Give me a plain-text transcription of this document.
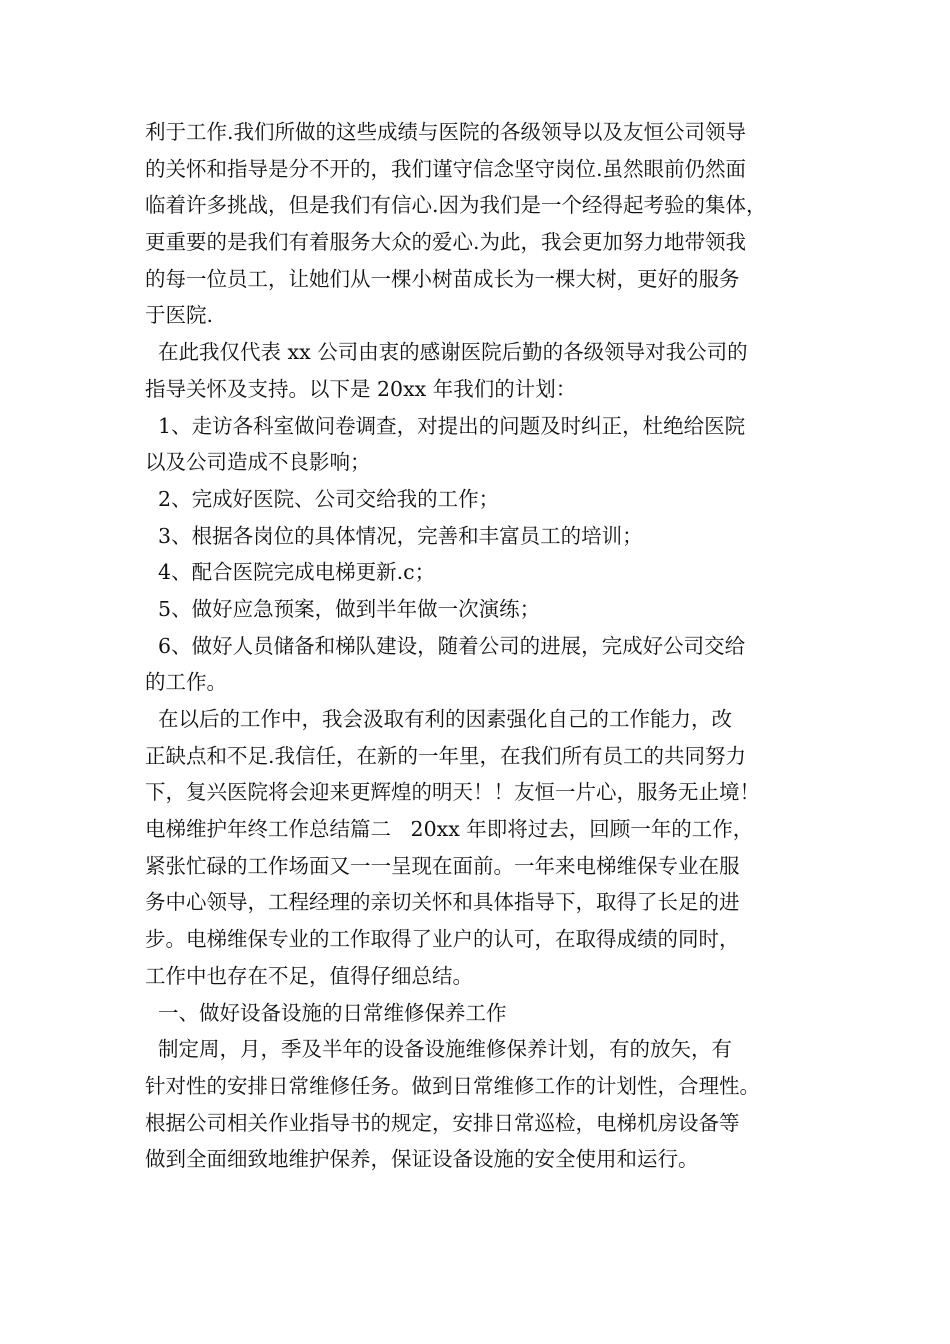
利于工作.我们所做的这些成绩与医院的各级领导以及友恒公司领导
的关怀和指导是分不开的，我们谨守信念坚守岗位.虽然眼前仍然面
临着许多挑战，但是我们有信心.因为我们是一个经得起考验的集体，
更重要的是我们有着服务大众的爱心.为此，我会更加努力地带领我
的每一位员工，让她们从一棵小树苗成长为一棵大树，更好的服务
于医院.
在此我仅代表 xx 公司由衷的感谢医院后勤的各级领导对我公司的
指导关怀及支持。以下是 20xx 年我们的计划：
1、走访各科室做问卷调查，对提出的问题及时纠正，杜绝给医院
以及公司造成不良影响；
2、完成好医院、公司交给我的工作；
3、根据各岗位的具体情况，完善和丰富员工的培训；
4、配合医院完成电梯更新.c；
5、做好应急预案，做到半年做一次演练；
6、做好人员储备和梯队建设，随着公司的进展，完成好公司交给
的工作。
在以后的工作中，我会汲取有利的因素强化自己的工作能力，改
正缺点和不足.我信任，在新的一年里，在我们所有员工的共同努力
下，复兴医院将会迎来更辉煌的明天！！友恒一片心，服务无止境！
电梯维护年终工作总结篇二   20xx 年即将过去，回顾一年的工作，
紧张忙碌的工作场面又一一呈现在面前。一年来电梯维保专业在服
务中心领导，工程经理的亲切关怀和具体指导下，取得了长足的进
步。电梯维保专业的工作取得了业户的认可，在取得成绩的同时，
工作中也存在不足，值得仔细总结。
一、做好设备设施的日常维修保养工作
制定周，月，季及半年的设备设施维修保养计划，有的放矢，有
针对性的安排日常维修任务。做到日常维修工作的计划性，合理性。
根据公司相关作业指导书的规定，安排日常巡检，电梯机房设备等
做到全面细致地维护保养，保证设备设施的安全使用和运行。
